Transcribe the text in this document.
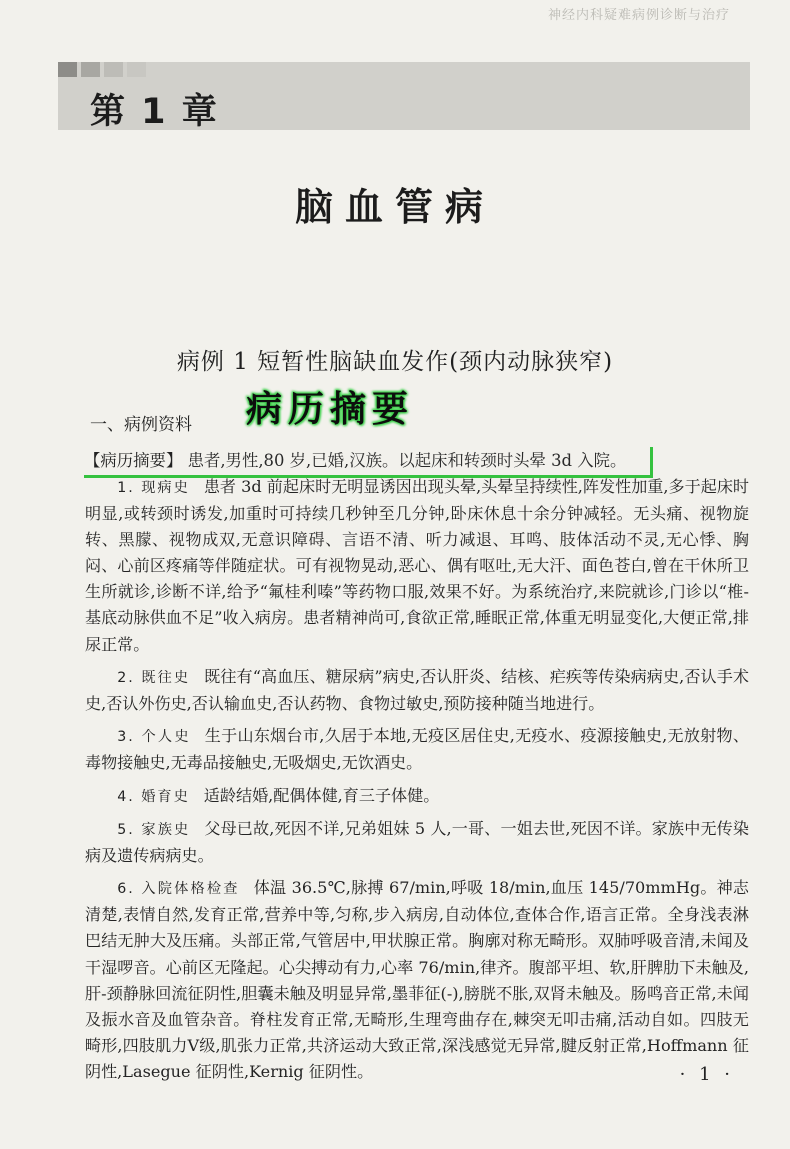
神经内科疑难病例诊断与治疗
第 1 章
脑血管病
病例 1 短暂性脑缺血发作(颈内动脉狭窄)
一、病例资料	病历摘要
【病历摘要】 患者,男性,80 岁,已婚,汉族。以起床和转颈时头晕 3d 入院。

1. 现病史 患者 3d 前起床时无明显诱因出现头晕,头晕呈持续性,阵发性加重,多于起床时明显,或转颈时诱发,加重时可持续几秒钟至几分钟,卧床休息十余分钟减轻。无头痛、视物旋转、黑朦、视物成双,无意识障碍、言语不清、听力减退、耳鸣、肢体活动不灵,无心悸、胸闷、心前区疼痛等伴随症状。可有视物晃动,恶心、偶有呕吐,无大汗、面色苍白,曾在干休所卫生所就诊,诊断不详,给予“氟桂利嗪”等药物口服,效果不好。为系统治疗,来院就诊,门诊以“椎-基底动脉供血不足”收入病房。患者精神尚可,食欲正常,睡眠正常,体重无明显变化,大便正常,排尿正常。

2. 既往史 既往有“高血压、糖尿病”病史,否认肝炎、结核、疟疾等传染病病史,否认手术史,否认外伤史,否认输血史,否认药物、食物过敏史,预防接种随当地进行。

3. 个人史 生于山东烟台市,久居于本地,无疫区居住史,无疫水、疫源接触史,无放射物、毒物接触史,无毒品接触史,无吸烟史,无饮酒史。

4. 婚育史 适龄结婚,配偶体健,育三子体健。

5. 家族史 父母已故,死因不详,兄弟姐妹 5 人,一哥、一姐去世,死因不详。家族中无传染病及遗传病病史。

6. 入院体格检查 体温 36.5℃,脉搏 67/min,呼吸 18/min,血压 145/70mmHg。神志清楚,表情自然,发育正常,营养中等,匀称,步入病房,自动体位,查体合作,语言正常。全身浅表淋巴结无肿大及压痛。头部正常,气管居中,甲状腺正常。胸廓对称无畸形。双肺呼吸音清,未闻及干湿啰音。心前区无隆起。心尖搏动有力,心率 76/min,律齐。腹部平坦、软,肝脾肋下未触及,肝-颈静脉回流征阴性,胆囊未触及明显异常,墨菲征(-),膀胱不胀,双肾未触及。肠鸣音正常,未闻及振水音及血管杂音。脊柱发育正常,无畸形,生理弯曲存在,棘突无叩击痛,活动自如。四肢无畸形,四肢肌力Ⅴ级,肌张力正常,共济运动大致正常,深浅感觉无异常,腱反射正常,Hoffmann 征阴性,Lasegue 征阴性,Kernig 征阴性。	· 1 ·
